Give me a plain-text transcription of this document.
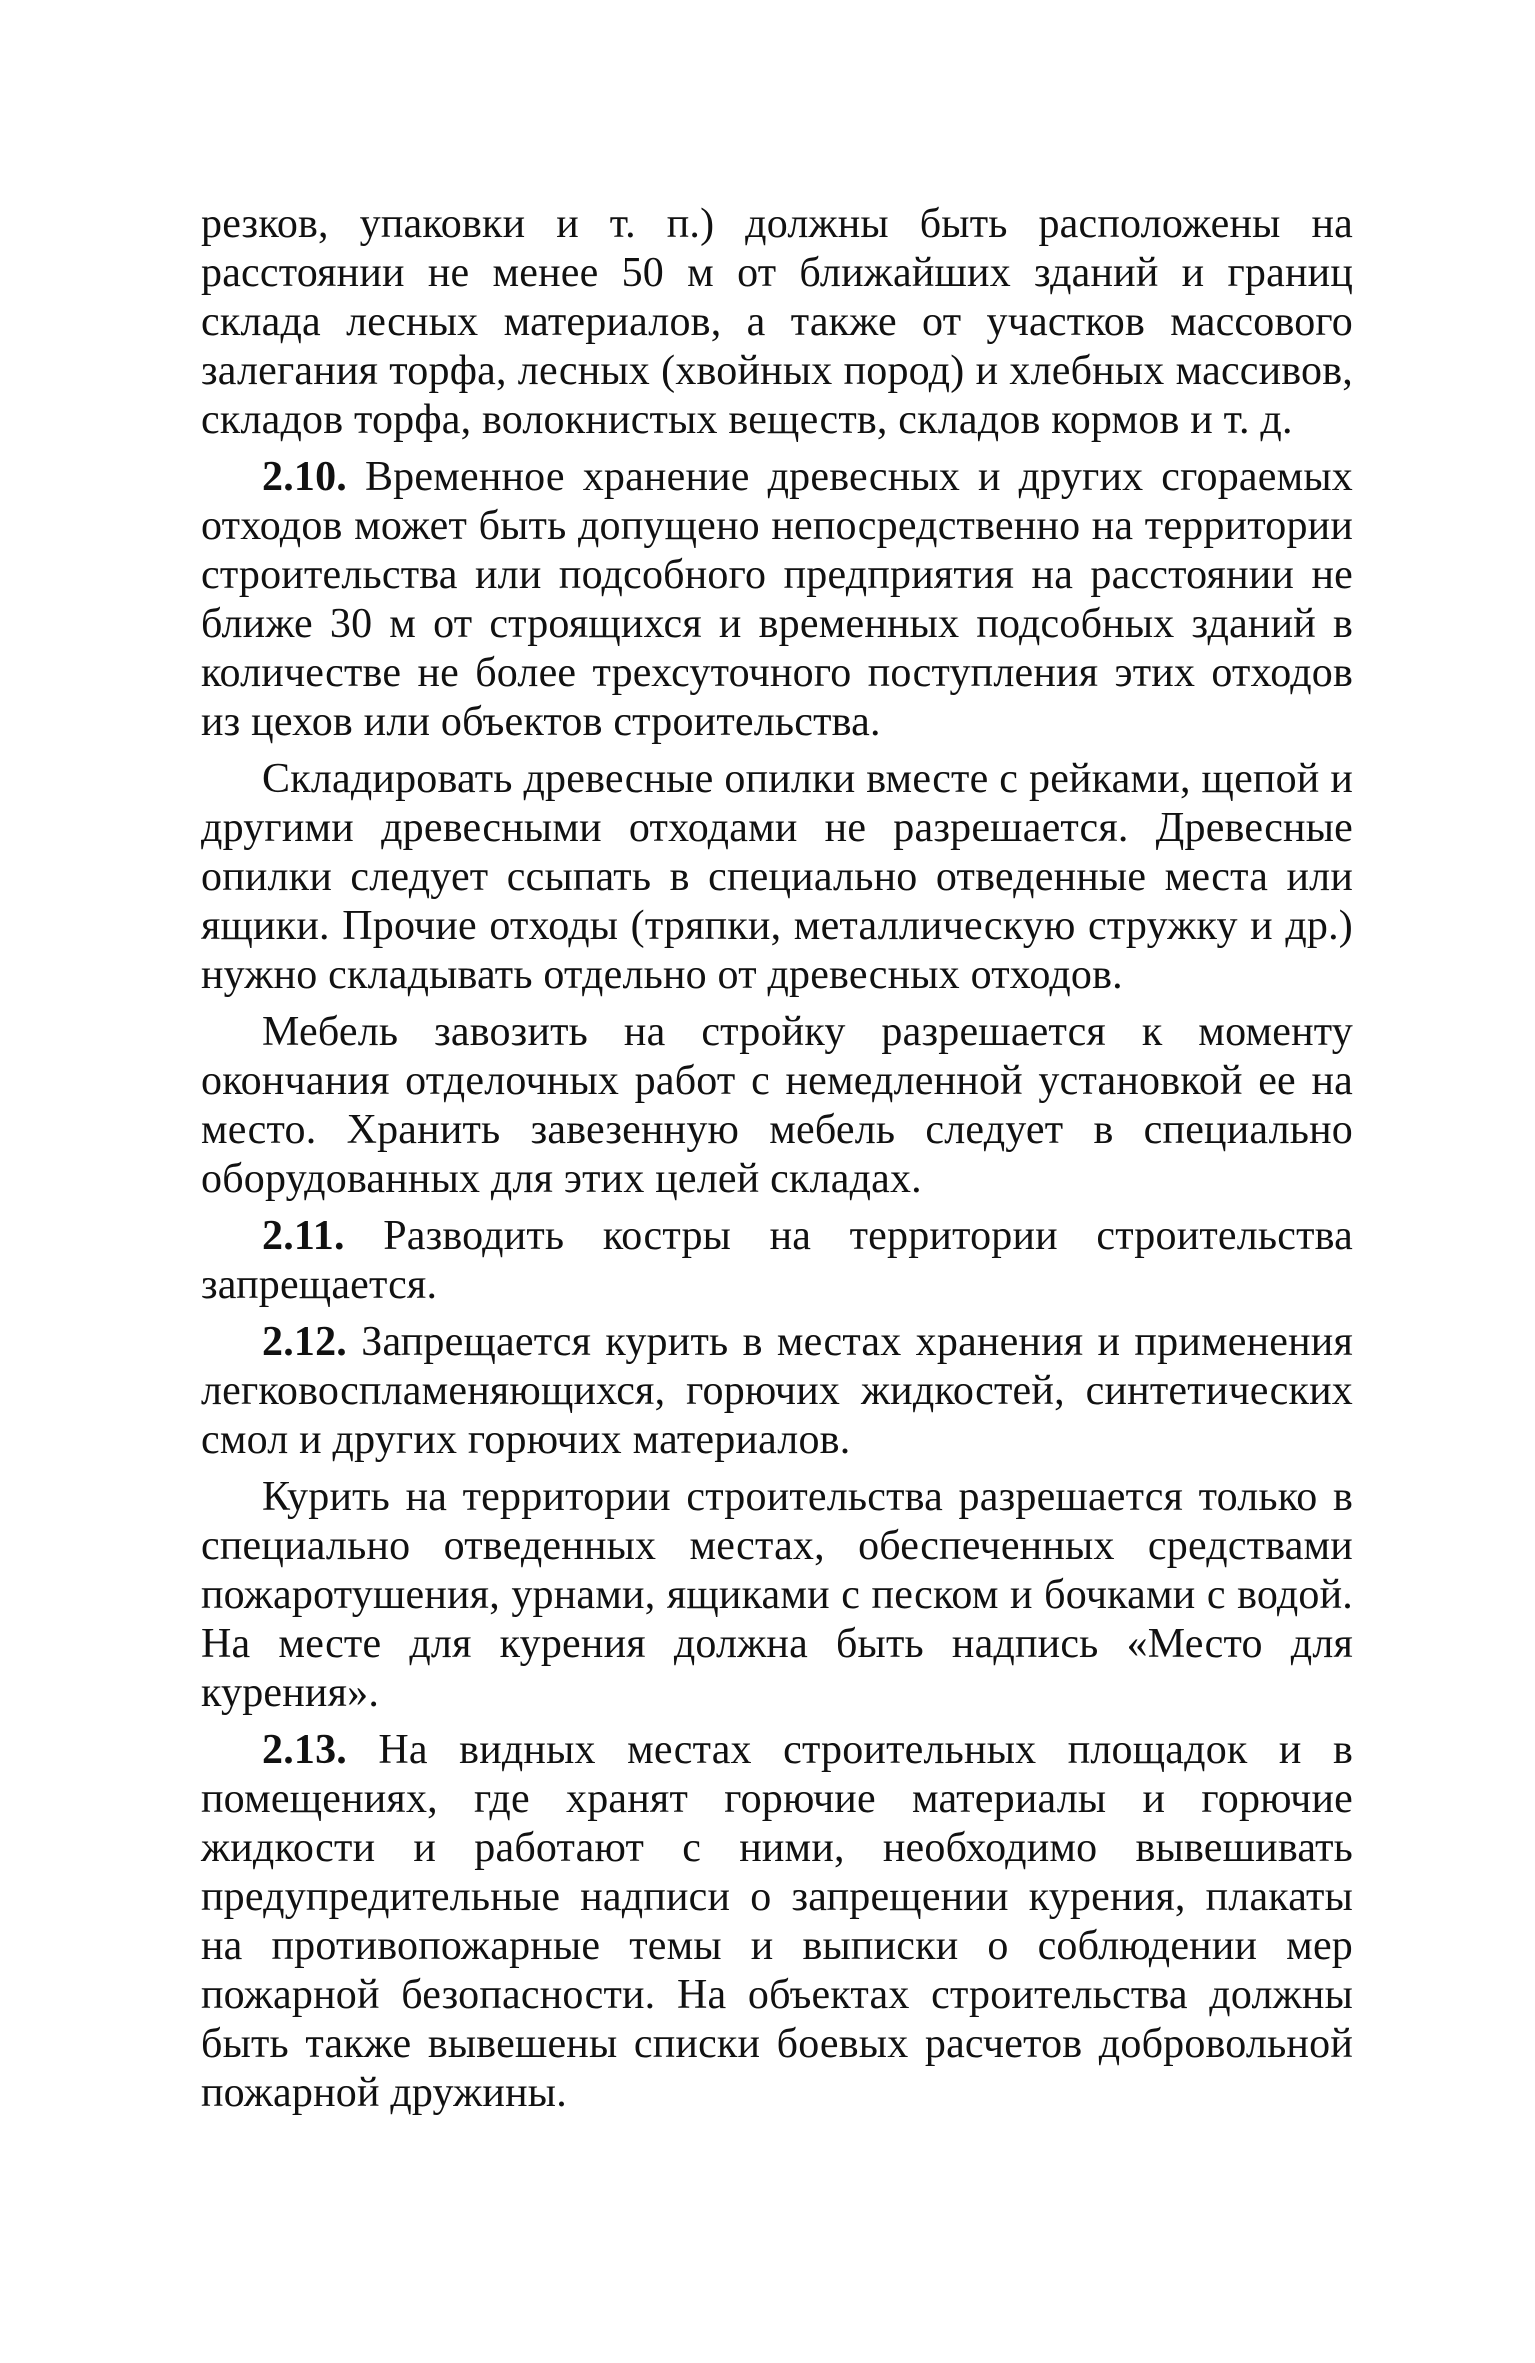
резков, упаковки и т. п.) должны быть расположены на расстоянии не менее 50 м от ближайших зданий и границ склада лесных материалов, а также от участков массового залегания торфа, лесных (хвойных пород) и хлебных массивов, складов торфа, волокнистых веществ, складов кормов и т. д.

2.10. Временное хранение древесных и других сгораемых отходов может быть допущено непосредственно на территории строительства или подсобного предприятия на расстоянии не ближе 30 м от строящихся и временных подсобных зданий в количестве не более трехсуточного поступления этих отходов из цехов или объектов строительства.

Складировать древесные опилки вместе с рейками, щепой и другими древесными отходами не разрешается. Древесные опилки следует ссыпать в специально отведенные места или ящики. Прочие отходы (тряпки, металлическую стружку и др.) нужно складывать отдельно от древесных отходов.

Мебель завозить на стройку разрешается к моменту окончания отделочных работ с немедленной установкой ее на место. Хранить завезенную мебель следует в специально оборудованных для этих целей складах.

2.11. Разводить костры на территории строительства запрещается.

2.12. Запрещается курить в местах хранения и применения легковоспламеняющихся, горючих жидкостей, синтетических смол и других горючих материалов.

Курить на территории строительства разрешается только в специально отведенных местах, обеспеченных средствами пожаротушения, урнами, ящиками с песком и бочками с водой. На месте для курения должна быть надпись «Место для курения».

2.13. На видных местах строительных площадок и в помещениях, где хранят горючие материалы и горючие жидкости и работают с ними, необходимо вывешивать предупредительные надписи о запрещении курения, плакаты на противопожарные темы и выписки о соблюдении мер пожарной безопасности. На объектах строительства должны быть также вывешены списки боевых расчетов добровольной пожарной дружины.
